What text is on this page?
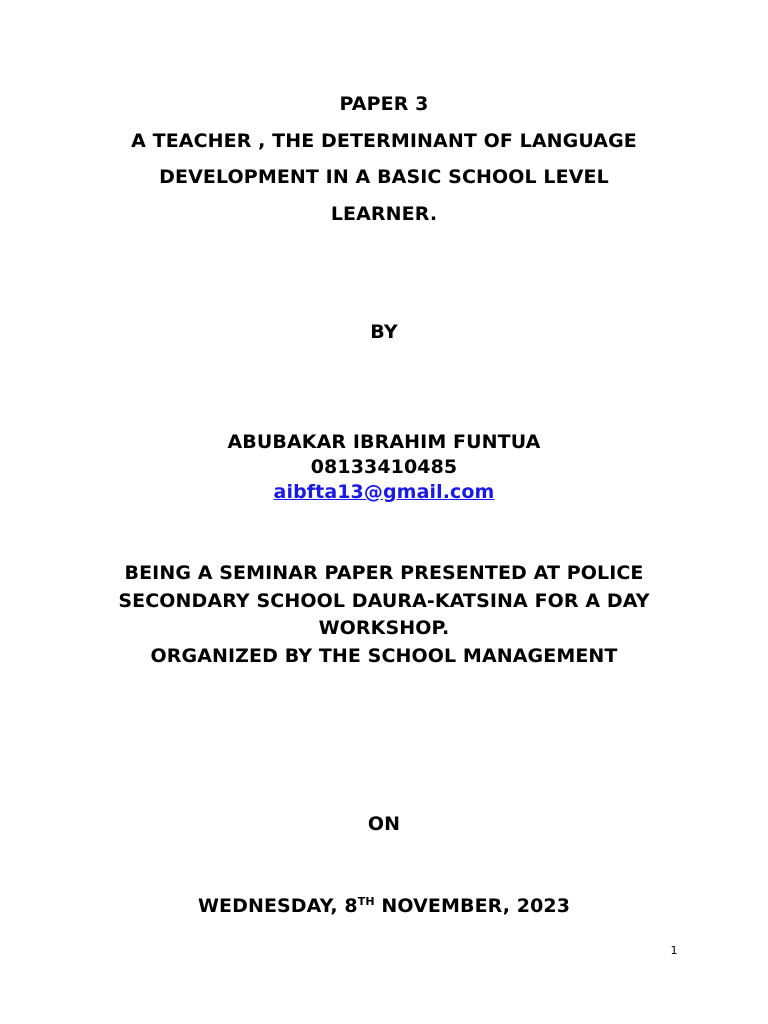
PAPER 3
A TEACHER , THE DETERMINANT OF LANGUAGE
DEVELOPMENT IN A BASIC SCHOOL LEVEL
LEARNER.
BY
ABUBAKAR IBRAHIM FUNTUA
08133410485
aibfta13@gmail.com
BEING A SEMINAR PAPER PRESENTED AT POLICE
SECONDARY SCHOOL DAURA-KATSINA FOR A DAY
WORKSHOP.
ORGANIZED BY THE SCHOOL MANAGEMENT
ON
WEDNESDAY, 8TH NOVEMBER, 2023
1
